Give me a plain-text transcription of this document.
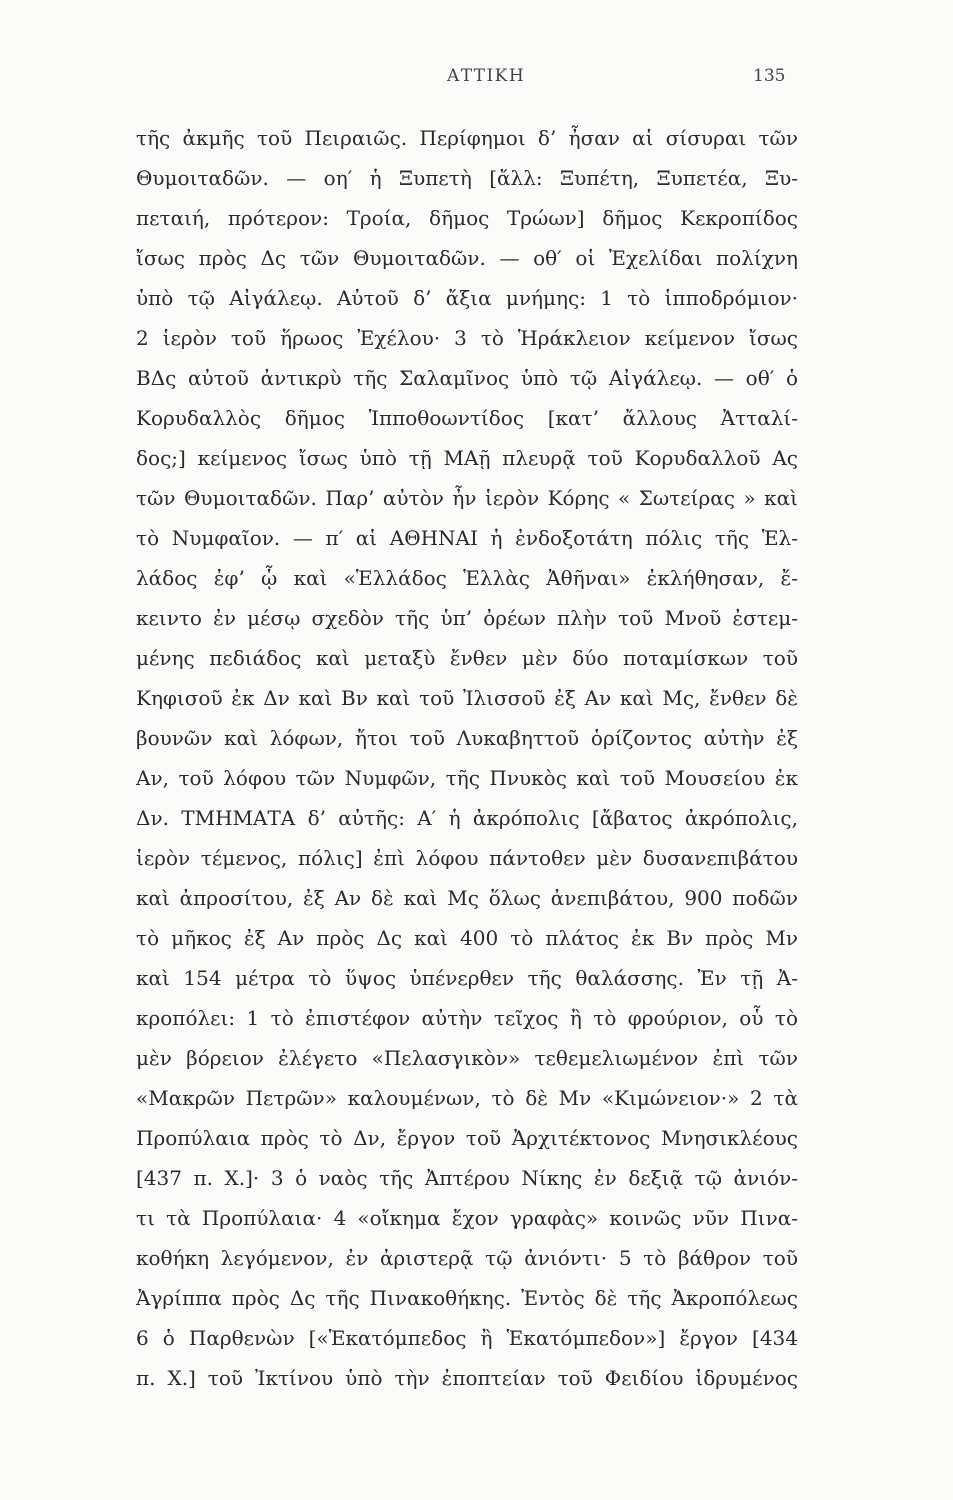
ΑΤΤΙΚΗ	135
τῆς ἀκμῆς τοῦ Πειραιῶς. Περίφημοι δ’ ἦσαν αἱ σίσυραι τῶν
Θυμοιταδῶν. — οη′ ἡ Ξυπετὴ [ἄλλ: Ξυπέτη, Ξυπετέα, Ξυ-
πεταιή, πρότερον: Τροία, δῆμος Τρώων] δῆμος Κεκροπίδος
ἴσως πρὸς Δς τῶν Θυμοιταδῶν. — οθ′ οἱ Ἐχελίδαι πολίχνη
ὑπὸ τῷ Αἰγάλεῳ. Αὐτοῦ δ’ ἄξια μνήμης: 1 τὸ ἱπποδρόμιον·
2 ἱερὸν τοῦ ἥρωος Ἐχέλου· 3 τὸ Ἡράκλειον κείμενον ἴσως
ΒΔς αὐτοῦ ἀντικρὺ τῆς Σαλαμῖνος ὑπὸ τῷ Αἰγάλεῳ. — οθ′ ὁ
Κορυδαλλὸς δῆμος Ἱπποθοωντίδος [κατ’ ἄλλους Ἀτταλί-
δος;] κείμενος ἴσως ὑπὸ τῇ ΜΑῇ πλευρᾷ τοῦ Κορυδαλλοῦ Ας
τῶν Θυμοιταδῶν. Παρ’ αὐτὸν ἦν ἱερὸν Κόρης « Σωτείρας » καὶ
τὸ Νυμφαῖον. — π′ αἱ ΑΘΗΝΑΙ ἡ ἐνδοξοτάτη πόλις τῆς Ἑλ-
λάδος ἐφ’ ᾧ καὶ «Ἑλλάδος Ἑλλὰς Ἀθῆναι» ἐκλήθησαν, ἔ-
κειντο ἐν μέσῳ σχεδὸν τῆς ὑπ’ ὀρέων πλὴν τοῦ Μνοῦ ἐστεμ-
μένης πεδιάδος καὶ μεταξὺ ἔνθεν μὲν δύο ποταμίσκων τοῦ
Κηφισοῦ ἐκ Δν καὶ Βν καὶ τοῦ Ἰλισσοῦ ἐξ Αν καὶ Μς, ἔνθεν δὲ
βουνῶν καὶ λόφων, ἤτοι τοῦ Λυκαβηττοῦ ὁρίζοντος αὐτὴν ἐξ
Αν, τοῦ λόφου τῶν Νυμφῶν, τῆς Πνυκὸς καὶ τοῦ Μουσείου ἐκ
Δν. ΤΜΗΜΑΤΑ δ’ αὐτῆς: Α′ ἡ ἀκρόπολις [ἄβατος ἀκρόπολις,
ἱερὸν τέμενος, πόλις] ἐπὶ λόφου πάντοθεν μὲν δυσανεπιβάτου
καὶ ἀπροσίτου, ἐξ Αν δὲ καὶ Μς ὅλως ἀνεπιβάτου, 900 ποδῶν
τὸ μῆκος ἐξ Αν πρὸς Δς καὶ 400 τὸ πλάτος ἐκ Βν πρὸς Μν
καὶ 154 μέτρα τὸ ὕψος ὑπένερθεν τῆς θαλάσσης. Ἐν τῇ Ἀ-
κροπόλει: 1 τὸ ἐπιστέφον αὐτὴν τεῖχος ἢ τὸ φρούριον, οὗ τὸ
μὲν βόρειον ἐλέγετο «Πελασγικὸν» τεθεμελιωμένον ἐπὶ τῶν
«Μακρῶν Πετρῶν» καλουμένων, τὸ δὲ Μν «Κιμώνειον·» 2 τὰ
Προπύλαια πρὸς τὸ Δν, ἔργον τοῦ Ἀρχιτέκτονος Μνησικλέους
[437 π. Χ.]· 3 ὁ ναὸς τῆς Ἀπτέρου Νίκης ἐν δεξιᾷ τῷ ἀνιόν-
τι τὰ Προπύλαια· 4 «οἴκημα ἔχον γραφὰς» κοινῶς νῦν Πινα-
κοθήκη λεγόμενον, ἐν ἀριστερᾷ τῷ ἀνιόντι· 5 τὸ βάθρον τοῦ
Ἀγρίππα πρὸς Δς τῆς Πινακοθήκης. Ἐντὸς δὲ τῆς Ἀκροπόλεως
6 ὁ Παρθενὼν [«Ἑκατόμπεδος ἢ Ἑκατόμπεδον»] ἔργον [434
π. Χ.] τοῦ Ἰκτίνου ὑπὸ τὴν ἐποπτείαν τοῦ Φειδίου ἱδρυμένος
